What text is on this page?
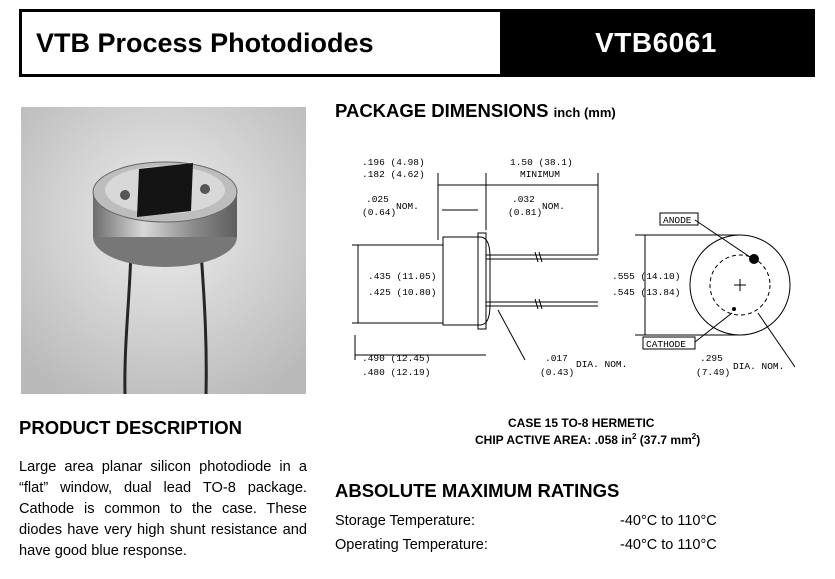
VTB Process Photodiodes	VTB6061
PACKAGE DIMENSIONS inch (mm)
.196 (4.98)
.182 (4.62)
1.50 (38.1)
MINIMUM
.025
(0.64)
NOM.
.032
(0.81)
NOM.
.435 (11.05)
.425 (10.80)
.490 (12.45)
.480 (12.19)
.017
(0.43)
DIA. NOM.
.555 (14.10)
.545 (13.84)
.295
(7.49)
DIA. NOM.
ANODE
CATHODE
CASE 15 TO-8 HERMETIC
CHIP ACTIVE AREA: .058 $in^2$ (37.7 $mm^2$)
PRODUCT DESCRIPTION
Large area planar silicon photodiode in a “flat” window, dual lead TO-8 package. Cathode is common to the case. These diodes have very high shunt resistance and have good blue response.
ABSOLUTE MAXIMUM RATINGS
Storage Temperature:	-40°C to 110°C
Operating Temperature:	-40°C to 110°C
